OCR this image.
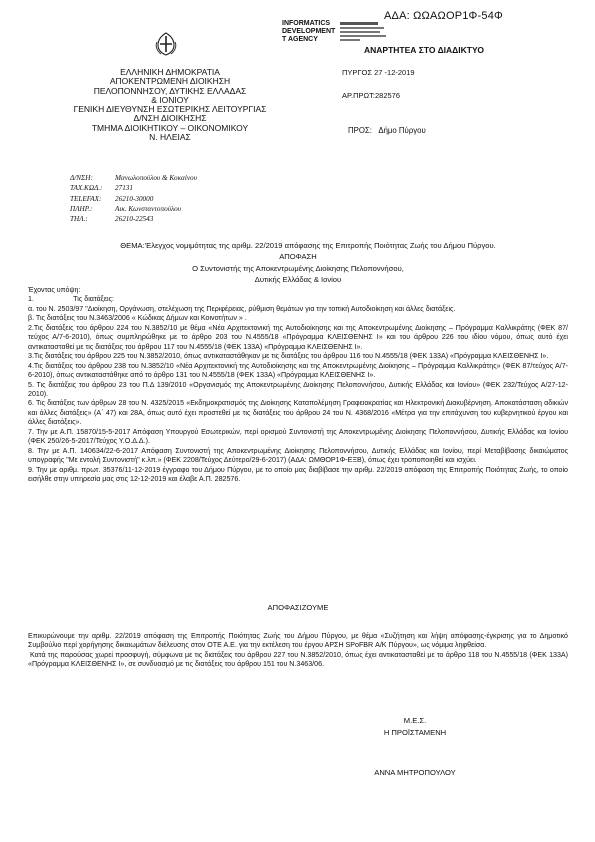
ΑΔΑ: ΩΩΑΩΟΡ1Φ-54Φ
INFORMATICS
DEVELOPMENT
T AGENCY
ΑΝΑΡΤΗΤΕΑ ΣΤΟ ΔΙΑΔΙΚΤΥΟ
ΕΛΛΗΝΙΚΗ ΔΗΜΟΚΡΑΤΙΑ
ΑΠΟΚΕΝΤΡΩΜΕΝΗ ΔΙΟΙΚΗΣΗ
ΠΕΛΟΠΟΝΝΗΣΟΥ, ΔΥΤΙΚΗΣ ΕΛΛΑΔΑΣ
& ΙΟΝΙΟΥ
ΓΕΝΙΚΗ ΔΙΕΥΘΥΝΣΗ ΕΣΩΤΕΡΙΚΗΣ ΛΕΙΤΟΥΡΓΙΑΣ
Δ/ΝΣΗ ΔΙΟΙΚΗΣΗΣ
ΤΜΗΜΑ ΔΙΟΙΚΗΤΙΚΟΥ – ΟΙΚΟΝΟΜΙΚΟΥ
Ν. ΗΛΕΙΑΣ
ΠΥΡΓΟΣ 27 -12-2019
ΑΡ.ΠΡΩΤ:282576
ΠΡΟΣ: Δήμο Πύργου
Δ/ΝΣΗ:	Μανωλοπούλου & Κοκαίνου
ΤΑΧ.ΚΩΔ.: 27131
TELEFAX: 26210-30000
ΠΛΗΡ.:	Αικ. Κωνσταντοπούλου
ΤΗΛ.:	26210-22543
ΘΕΜΑ:'Ελεγχος νομιμότητας της αριθμ. 22/2019 απόφασης της Επιτροπής Ποιότητας Ζωής του Δήμου Πύργου.
ΑΠΟΦΑΣΗ
Ο Συντονιστής της Αποκεντρωμένης Διοίκησης Πελοποννήσου,
Δυτικής Ελλάδας & Ιονίου

Έχοντας υπόψη:

1.                    Τις διατάξεις:

α. του Ν. 2503/97 "Διοίκηση, Οργάνωση, στελέχωση της Περιφέρειας, ρύθμιση θεμάτων για την τοπική Αυτοδιοίκηση και άλλες διατάξεις.

β. Τις διατάξεις του Ν.3463/2006 « Κώδικας Δήμων και Κοινοτήτων » .

2.Τις διατάξεις του άρθρου 224 του Ν.3852/10 με θέμα «Νέα Αρχιτεκτονική της Αυτοδιοίκησης και της Αποκεντρωμένης Διοίκησης – Πρόγραμμα Καλλικράτης (ΦΕΚ 87/τεύχος Α/7-6-2010), όπως συμπληρώθηκε με το άρθρο 203 του Ν.4555/18 «Πρόγραμμα ΚΛΕΙΣΘΕΝΗΣ Ι» και του άρθρου 226 του ιδίου νόμου, όπως αυτό έχει αντικατασταθεί με τις διατάξεις του άρθρου 117 του Ν.4555/18 (ΦΕΚ 133Α) «Πρόγραμμα ΚΛΕΙΣΘΕΝΗΣ Ι».

3.Τις διατάξεις του άρθρου 225 του Ν.3852/2010, όπως αντικαταστάθηκαν με τις διατάξεις του άρθρου 116 του Ν.4555/18 (ΦΕΚ 133Α) «Πρόγραμμα ΚΛΕΙΣΘΕΝΗΣ Ι».

4.Τις διατάξεις του άρθρου 238 του Ν.3852/10 «Νέα Αρχιτεκτονική της Αυτοδιοίκησης και της Αποκεντρωμένης Διοίκησης – Πρόγραμμα Καλλικράτης» (ΦΕΚ 87/τεύχος Α/7-6-2010), όπως αντικαταστάθηκε από το άρθρο 131 του Ν.4555/18 (ΦΕΚ 133Α) «Πρόγραμμα ΚΛΕΙΣΘΕΝΗΣ Ι».

5. Τις διατάξεις του άρθρου 23 του Π.Δ 139/2010 «Οργανισμός της Αποκεντρωμένης Διοίκησης Πελοποννήσου, Δυτικής Ελλάδας και Ιονίου» (ΦΕΚ 232/Τεύχος Α/27-12-2010).

6. Τις διατάξεις των άρθρων 28 του Ν. 4325/2015 «Εκδημοκρατισμός της Διοίκησης Καταπολέμηση Γραφειοκρατίας και Ηλεκτρονική Διακυβέρνηση. Αποκατάσταση αδικιών και άλλες διατάξεις» (Α΄ 47) και 28Α, όπως αυτό έχει προστεθεί με τις διατάξεις του άρθρου 24 του Ν. 4368/2016 «Μέτρα για την επιτάχυνση του κυβερνητικού έργου και άλλες διατάξεις».

7. Την με Α.Π. 15870/15-5-2017 Απόφαση Υπουργού Εσωτερικών, περί ορισμού Συντονιστή της Αποκεντρωμένης Διοίκησης Πελοποννήσου, Δυτικής Ελλάδας και Ιονίου (ΦΕΚ 250/26-5-2017/Τεύχος Υ.Ο.Δ.Δ.).

8. Την με Α.Π. 140634/22-6-2017 Απόφαση Συντονιστή της Αποκεντρωμένης Διοίκησης Πελοποννήσου, Δυτικής Ελλάδας και Ιονίου, περί Μεταβίβασης δικαιώματος υπογραφής "Με εντολή Συντονιστή" κ.λπ.» (ΦΕΚ 2208/Τεύχος Δεύτερο/29-6-2017) (ΑΔΑ: ΩΜΘΟΡ1Φ-ΕΞΒ), όπως έχει τροποποιηθεί και ισχύει.

9. Την με αριθμ. πρωτ. 35376/11-12-2019 έγγραφο του Δήμου Πύργου, με το οποίο μας διαβίβασε την αριθμ. 22/2019 απόφαση της Επιτροπής Ποιότητας Ζωής, το οποίο εισήλθε στην υπηρεσία μας στις 12-12-2019 και έλαβε Α.Π. 282576.

ΑΠΟΦΑΣΙΖΟΥΜΕ

Επικυρώνουμε την αριθμ. 22/2019 απόφαση της Επιτροπής Ποιότητας Ζωής του Δήμου Πύργου, με θέμα «Συζήτηση και λήψη απόφασης-έγκρισης για το Δημοτικό Συμβούλιο περί χορήγησης δικαιωμάτων διέλευσης στον ΟΤΕ Α.Ε. για την εκτέλεση του έργου ΑΡΣΗ SPoFBR Α/Κ Πύργου», ως νόμιμα ληφθείσα.

Κατά της παρούσας χωρεί προσφυγή, σύμφωνα με τις διατάξεις του άρθρου 227 του Ν.3852/2010, όπως έχει αντικατασταθεί με το άρθρο 118 του Ν.4555/18 (ΦΕΚ 133Α) «Πρόγραμμα ΚΛΕΙΣΘΕΝΗΣ Ι», σε συνδυασμό με τις διατάξεις του άρθρου 151 του Ν.3463/06.

Μ.Ε.Σ.
Η ΠΡΟΪΣΤΑΜΕΝΗ
ΑΝΝΑ ΜΗΤΡΟΠΟΥΛΟΥ
